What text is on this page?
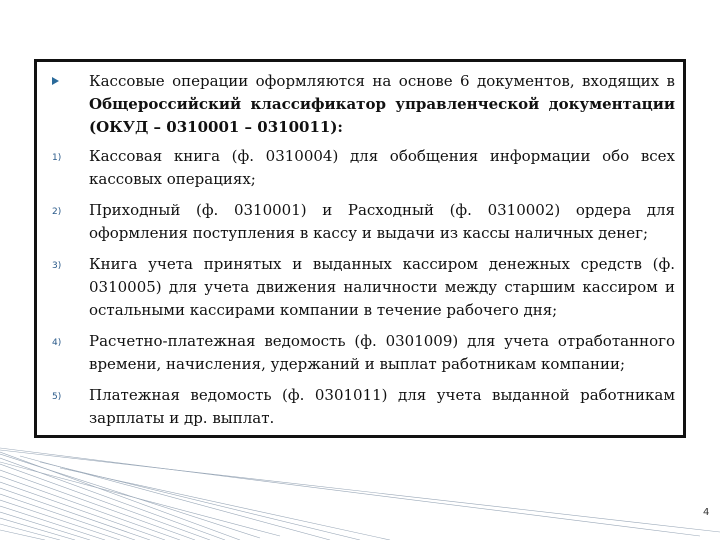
Кассовые операции оформляются на основе 6 документов, входящих в Общероссийский классификатор управленческой документации (ОКУД – 0310001 – 0310011):

1) Кассовая книга (ф. 0310004) для обобщения информации обо всех кассовых операциях;

2) Приходный (ф. 0310001) и Расходный (ф. 0310002) ордера для оформления поступления в кассу и выдачи из кассы наличных денег;

3) Книга учета принятых и выданных кассиром денежных средств (ф. 0310005) для учета движения наличности между старшим кассиром и остальными кассирами компании в течение рабочего дня;

4) Расчетно-платежная ведомость (ф. 0301009) для учета отработанного времени, начисления, удержаний и выплат работникам компании;

5) Платежная ведомость (ф. 0301011) для учета выданной работникам зарплаты и др. выплат.

4
